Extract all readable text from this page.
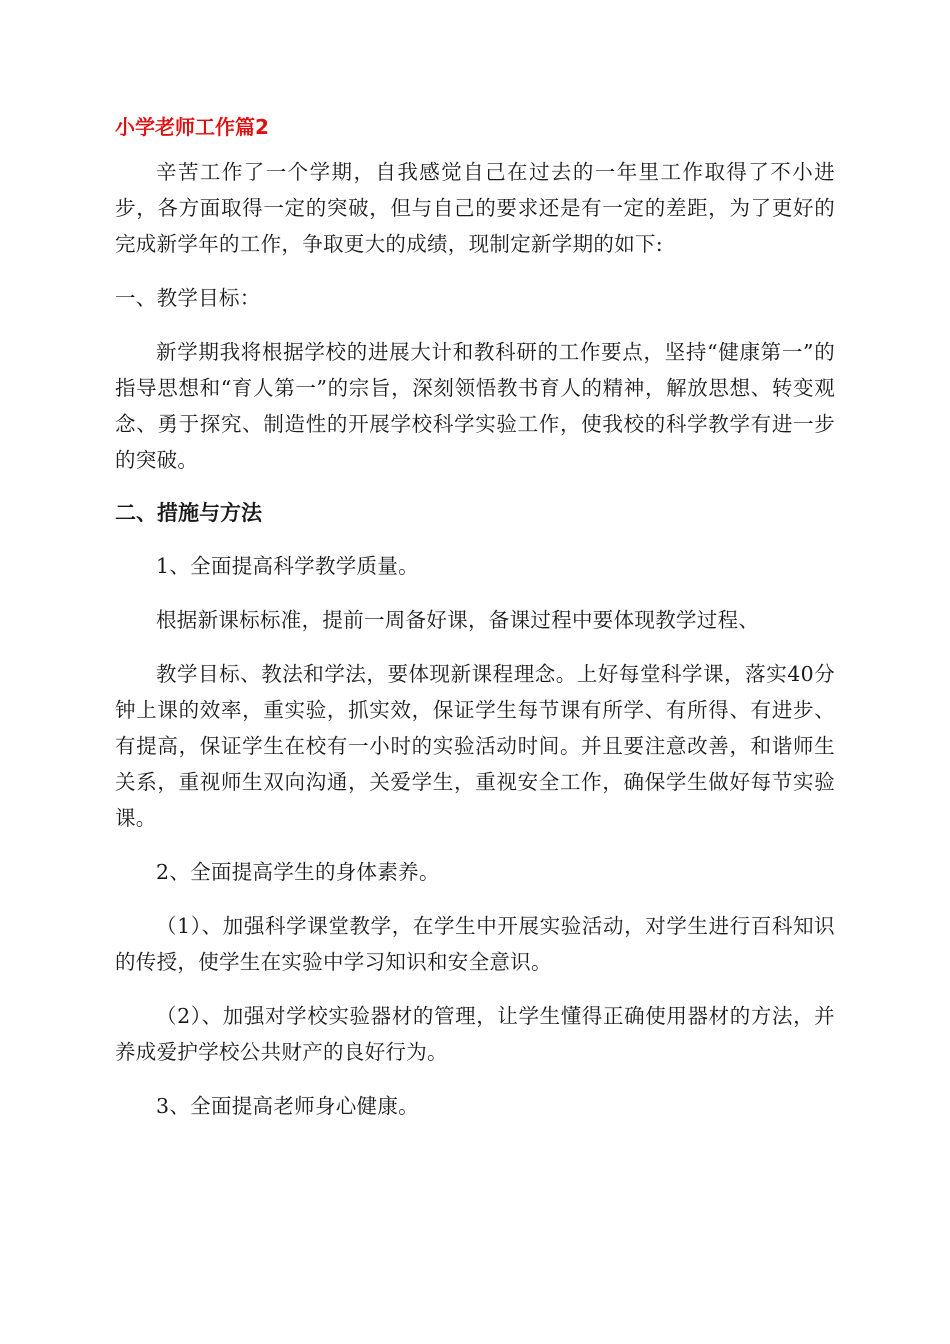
小学老师工作篇2

辛苦工作了一个学期，自我感觉自己在过去的一年里工作取得了不小进步，各方面取得一定的突破，但与自己的要求还是有一定的差距，为了更好的完成新学年的工作，争取更大的成绩，现制定新学期的如下:

一、教学目标：

新学期我将根据学校的进展大计和教科研的工作要点，坚持“健康第一”的指导思想和“育人第一”的宗旨，深刻领悟教书育人的精神，解放思想、转变观念、勇于探究、制造性的开展学校科学实验工作，使我校的科学教学有进一步的突破。

二、措施与方法

1、全面提高科学教学质量。

根据新课标标准，提前一周备好课，备课过程中要体现教学过程、

教学目标、教法和学法，要体现新课程理念。上好每堂科学课，落实40分钟上课的效率，重实验，抓实效，保证学生每节课有所学、有所得、有进步、有提高，保证学生在校有一小时的实验活动时间。并且要注意改善，和谐师生关系，重视师生双向沟通，关爱学生，重视安全工作，确保学生做好每节实验课。

2、全面提高学生的身体素养。

（1）、加强科学课堂教学，在学生中开展实验活动，对学生进行百科知识的传授，使学生在实验中学习知识和安全意识。

（2）、加强对学校实验器材的管理，让学生懂得正确使用器材的方法，并养成爱护学校公共财产的良好行为。

3、全面提高老师身心健康。
